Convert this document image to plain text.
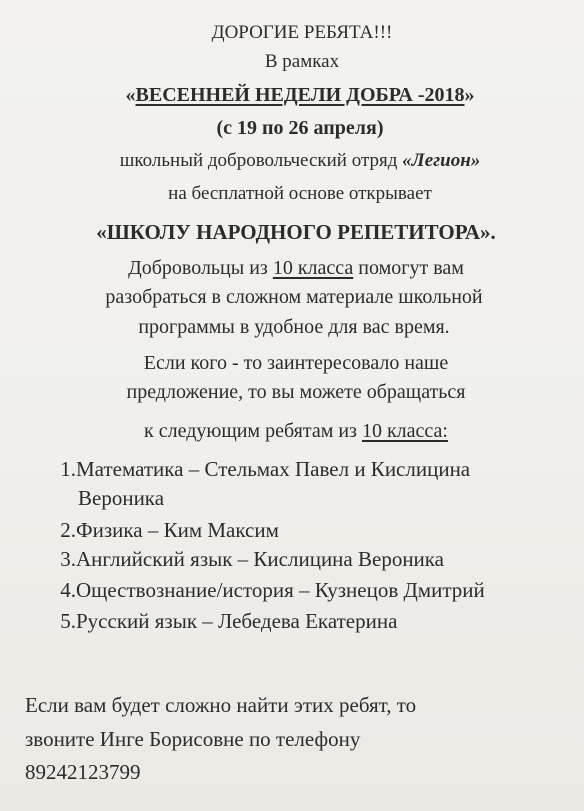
ДОРОГИЕ РЕБЯТА!!!
В рамках
«ВЕСЕННЕЙ НЕДЕЛИ ДОБРА -2018»
(с 19 по 26 апреля)
школьный добровольческий отряд «Легион»
на бесплатной основе открывает
«ШКОЛУ НАРОДНОГО РЕПЕТИТОРА».
Добровольцы из 10 класса помогут вам
разобраться в сложном материале школьной
программы в удобное для вас время.
Если кого - то заинтересовало наше
предложение, то вы можете обращаться
к следующим ребятам из 10 класса:
1.Математика – Стельмах Павел и Кислицина
Вероника
2.Физика – Ким Максим
3.Английский язык – Кислицина Вероника
4.Оществознание/история – Кузнецов Дмитрий
5.Русский язык – Лебедева Екатерина
Если вам будет сложно найти этих ребят, то
звоните Инге Борисовне по телефону
89242123799
